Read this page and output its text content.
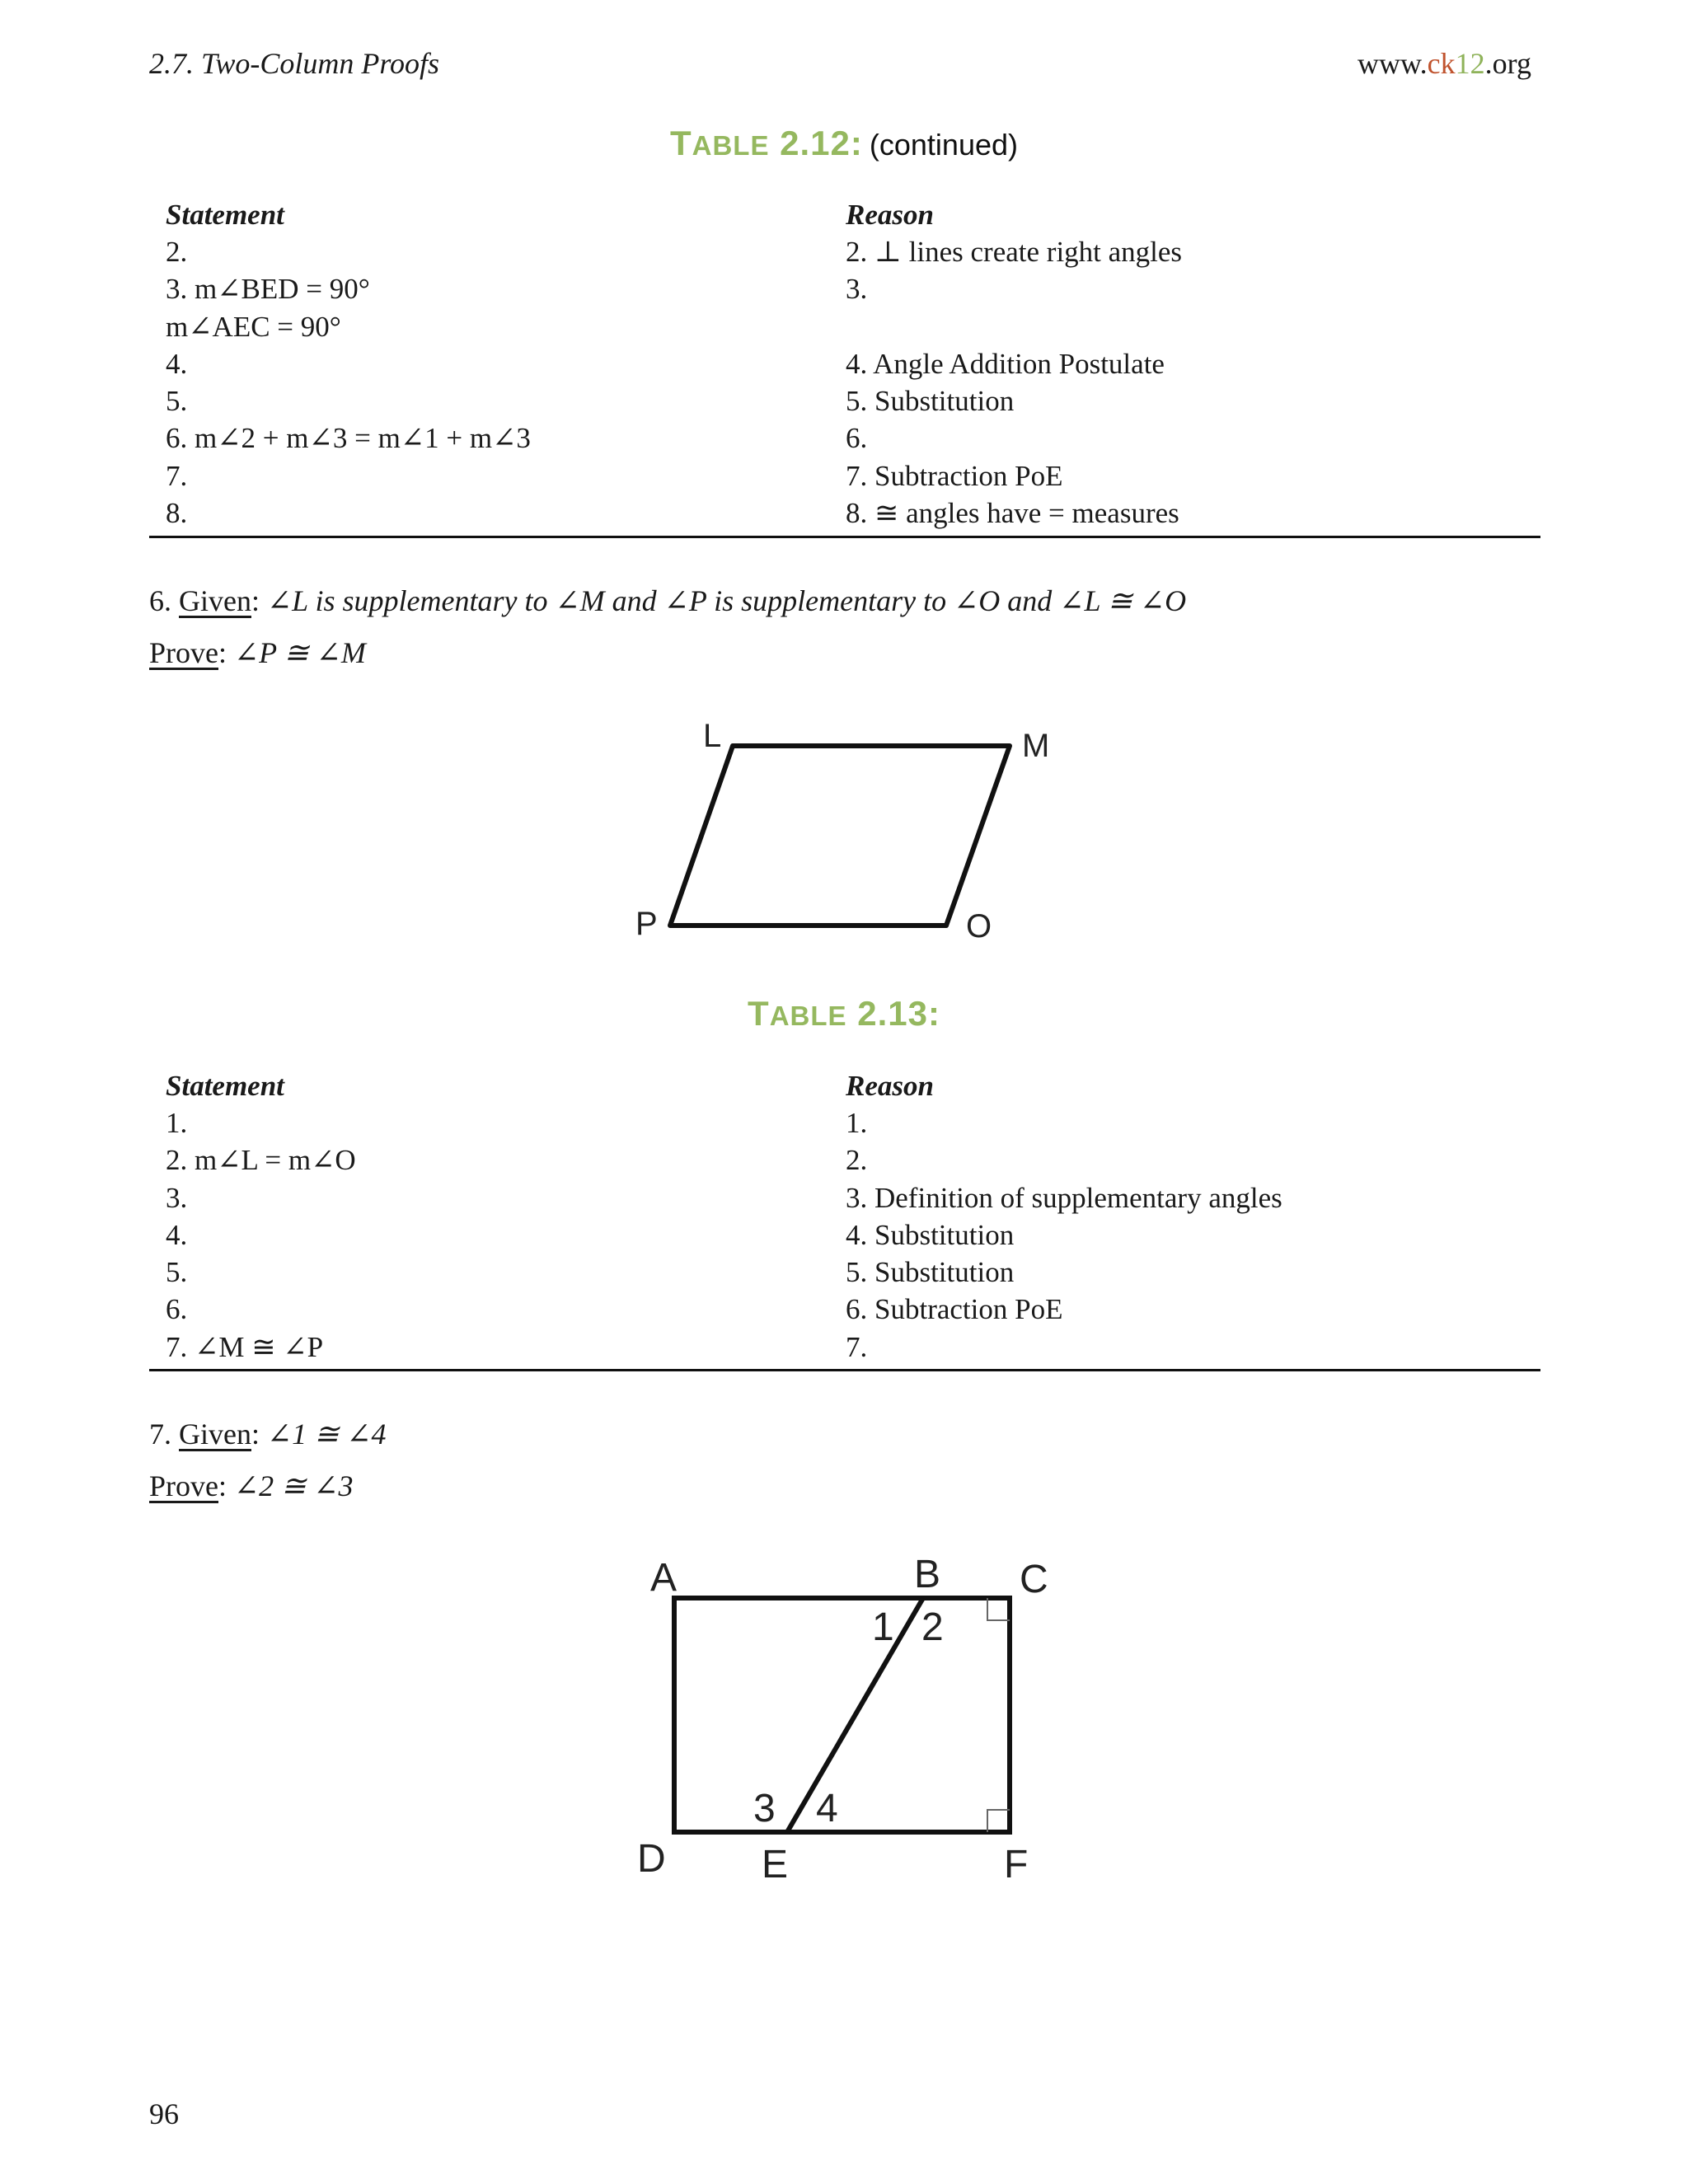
2.7. Two-Column Proofs	www.ck12.org
TABLE 2.12: (continued)
Statement	Reason
2.	2. ⊥ lines create right angles
3. m∠BED = 90°	3.
m∠AEC = 90°
4.	4. Angle Addition Postulate
5.	5. Substitution
6. m∠2 + m∠3 = m∠1 + m∠3	6.
7.	7. Subtraction PoE
8.	8. ≅ angles have = measures
6. Given: ∠L is supplementary to ∠M and ∠P is supplementary to ∠O and ∠L ≅ ∠O
Prove: ∠P ≅ ∠M
L	M
P	O
TABLE 2.13:
Statement	Reason
1.	1.
2. m∠L = m∠O	2.
3.	3. Definition of supplementary angles
4.	4. Substitution
5.	5. Substitution
6.	6. Subtraction PoE
7. ∠M ≅ ∠P	7.
7. Given: ∠1 ≅ ∠4
Prove: ∠2 ≅ ∠3
A	B C
D E	F
1 2
3 4
96
